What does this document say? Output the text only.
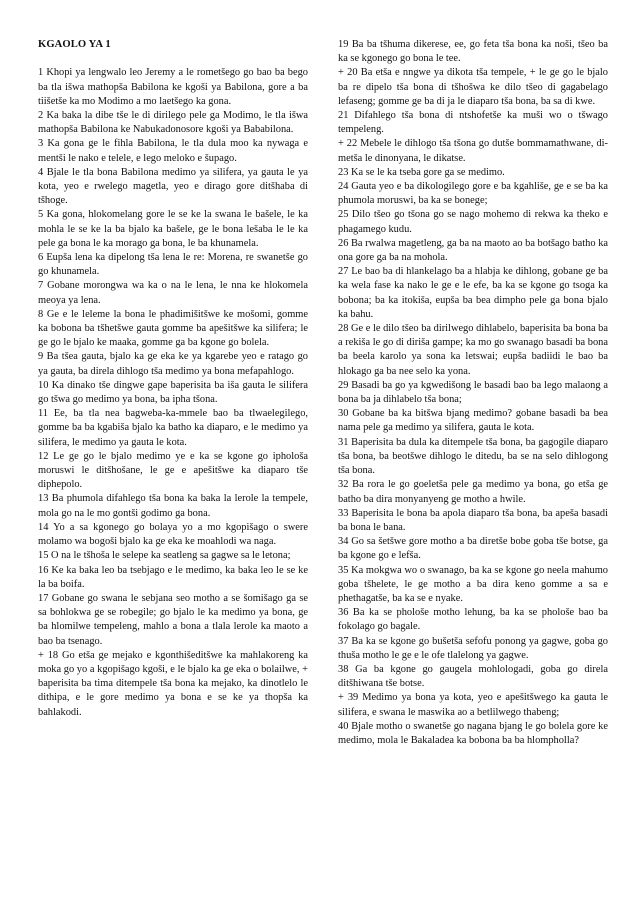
KGAOLO YA 1

1 Khopi ya lengwalo leo Jeremy a le rometšego go bao ba bego ba tla išwa mathopša Babilona ke kgoši ya Babilona, gore a ba tiišetše ka mo Modimo a mo laetšego ka gona.

2 Ka baka la dibe tše le di dirilego pele ga Modimo, le tla išwa mathopša Babilona ke Nabukadonosore kgoši ya Bababilona.

3 Ka gona ge le fihla Babilona, le tla dula moo ka nywaga e mentši le nako e telele, e lego meloko e šupago.

4 Bjale le tla bona Babilona medimo ya silifera, ya gauta le ya kota, yeo e rwelego magetla, yeo e dirago gore ditšhaba di tšhoge.

5 Ka gona, hlokomelang gore le se ke la swana le bašele, le ka mohla le se ke la ba bjalo ka bašele, ge le bona lešaba le le ka pele ga bona le ka morago ga bona, le ba khunamela.

6 Eupša lena ka dipelong tša lena le re: Morena, re swanetše go go khunamela.

7 Gobane morongwa wa ka o na le lena, le nna ke hlokomela meoya ya lena.

8 Ge e le leleme la bona le phadimišitšwe ke mošomi, gomme ka bobona ba tšhetšwe gauta gomme ba apešitšwe ka silifera; le ge go le bjalo ke maaka, gomme ga ba kgone go bolela.

9 Ba tšea gauta, bjalo ka ge eka ke ya kgarebe yeo e ratago go ya gauta, ba direla dihlogo tša medimo ya bona mefapahlogo.

10 Ka dinako tše dingwe gape baperisita ba iša gauta le silifera go tšwa go medimo ya bona, ba ipha tšona.

11 Ee, ba tla nea bagweba-ka-mmele bao ba tlwaelegilego, gomme ba ba kgabiša bjalo ka batho ka diaparo, e le medimo ya silifera, le medimo ya gauta le kota.

12 Le ge go le bjalo medimo ye e ka se kgone go iphološa moruswi le ditšhošane, le ge e apešitšwe ka diaparo tše diphepolo.

13 Ba phumola difahlego tša bona ka baka la lerole la tempele, mola go na le mo gontši godimo ga bona.

14 Yo a sa kgonego go bolaya yo a mo kgopišago o swere molamo wa bogoši bjalo ka ge eka ke moahlodi wa naga.

15 O na le tšhoša le selepe ka seatleng sa gagwe sa le letona;

16 Ke ka baka leo ba tsebjago e le medimo, ka baka leo le se ke la ba boifa.

17 Gobane go swana le sebjana seo motho a se šomišago ga se sa bohlokwa ge se robegile; go bjalo le ka medimo ya bona, ge ba hlomilwe tempeleng, mahlo a bona a tlala lerole ka maoto a bao ba tsenago.

+ 18 Go etša ge mejako e kgonthišeditšwe ka mahlakoreng ka moka go yo a kgopišago kgoši, e le bjalo ka ge eka o bolailwe, + baperisita ba tima ditempele tša bona ka mejako, ka dinotlelo le dithipa, e le gore medimo ya bona e se ke ya thopša ka bahlakodi.

19 Ba ba tšhuma dikerese, ee, go feta tša bona ka noši, tšeo ba ka se kgonego go bona le tee.

+ 20 Ba etša e nngwe ya dikota tša tempele, + le ge go le bjalo ba re dipelo tša bona di tšhošwa ke dilo tšeo di gagabelago lefaseng; gomme ge ba di ja le diaparo tša bona, ba sa di kwe.

21 Difahlego tša bona di ntshofetše ka muši wo o tšwago tempeleng.

+ 22 Mebele le dihlogo tša tšona go dutše bommamathwane, di- metša le dinonyana, le dikatse.

23 Ka se le ka tseba gore ga se medimo.

24 Gauta yeo e ba dikologilego gore e ba kgahliše, ge e se ba ka phumola moruswi, ba ka se bonege;

25 Dilo tšeo go tšona go se nago mohemo di rekwa ka theko e phagamego kudu.

26 Ba rwalwa magetleng, ga ba na maoto ao ba botšago batho ka ona gore ga ba na mohola.

27 Le bao ba di hlankelago ba a hlabja ke dihlong, gobane ge ba ka wela fase ka nako le ge e le efe, ba ka se kgone go tsoga ka bobona; ba ka itokiša, eupša ba bea dimpho pele ga bona bjalo ka bahu.

28 Ge e le dilo tšeo ba dirilwego dihlabelo, baperisita ba bona ba a rekiša le go di diriša gampe; ka mo go swanago basadi ba bona ba beela karolo ya sona ka letswai; eupša badiidi le bao ba hlokago ga ba nee selo ka yona.

29 Basadi ba go ya kgwedišong le basadi bao ba lego malaong a bona ba ja dihlabelo tša bona;

30 Gobane ba ka bitšwa bjang medimo? gobane basadi ba bea nama pele ga medimo ya silifera, gauta le kota.

31 Baperisita ba dula ka ditempele tša bona, ba gagogile diaparo tša bona, ba beotšwe dihlogo le ditedu, ba se na selo dihlogong tša bona.

32 Ba rora le go goeletša pele ga medimo ya bona, go etša ge batho ba dira monyanyeng ge motho a hwile.

33 Baperisita le bona ba apola diaparo tša bona, ba apeša basadi ba bona le bana.

34 Go sa šetšwe gore motho a ba diretše bobe goba tše botse, ga ba kgone go e lefša.

35 Ka mokgwa wo o swanago, ba ka se kgone go neela mahumo goba tšhelete, le ge motho a ba dira keno gomme a sa e phethagatše, ba ka se e nyake.

36 Ba ka se phološe motho lehung, ba ka se phološe bao ba fokolago go bagale.

37 Ba ka se kgone go bušetša sefofu ponong ya gagwe, goba go thuša motho le ge e le ofe tlalelong ya gagwe.

38 Ga ba kgone go gaugela mohlologadi, goba go direla ditšhiwana tše botse.

+ 39 Medimo ya bona ya kota, yeo e apešitšwego ka gauta le silifera, e swana le maswika ao a betlilwego thabeng;

40 Bjale motho o swanetše go nagana bjang le go bolela gore ke medimo, mola le Bakaladea ka bobona ba ba hlompholla?
